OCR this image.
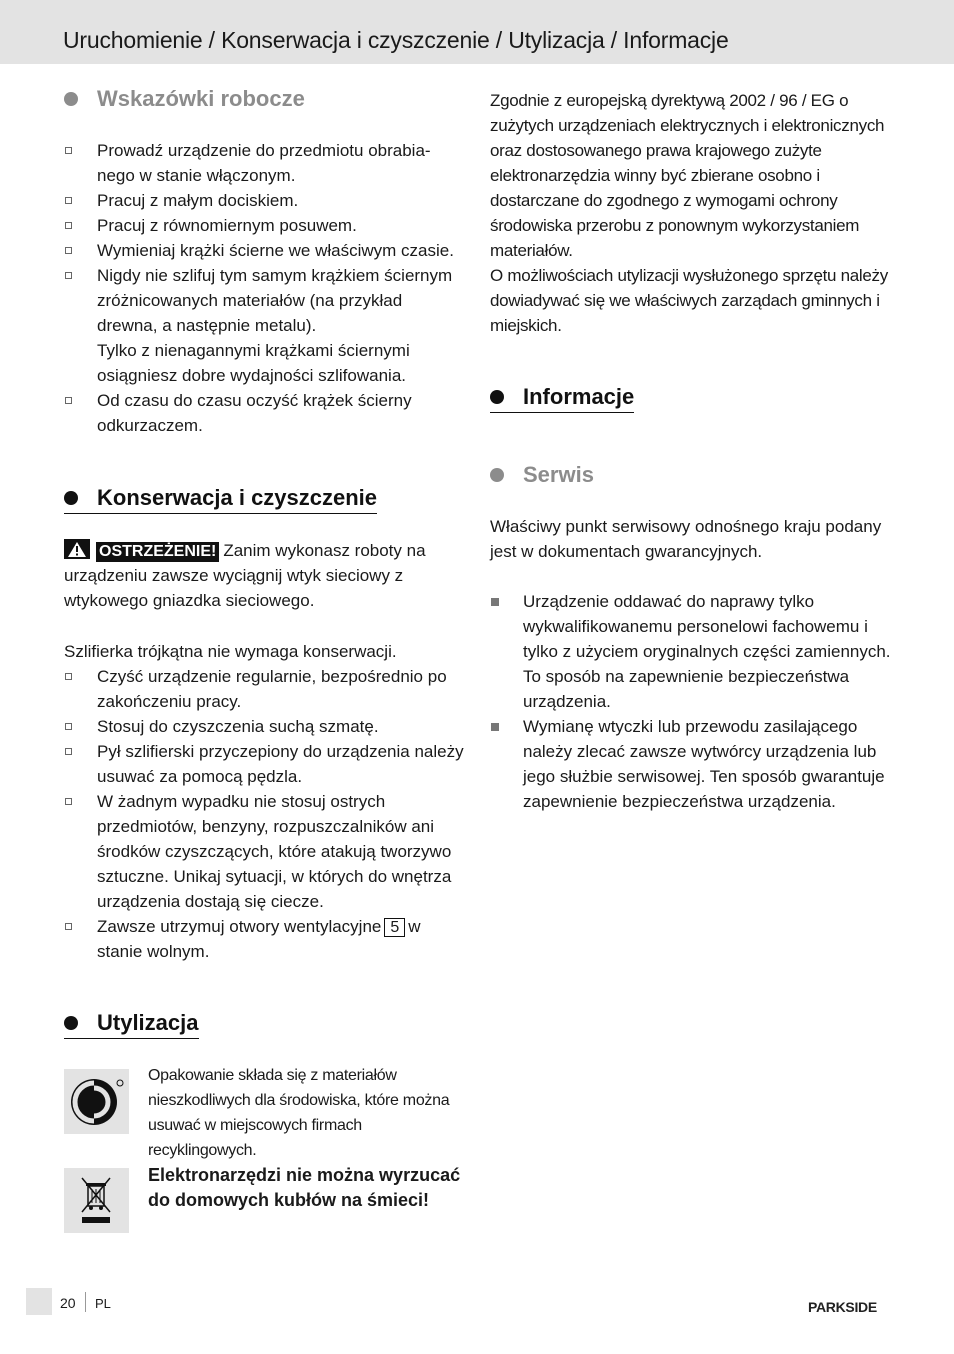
Uruchomienie / Konserwacja i czyszczenie / Utylizacja / Informacje
Wskazówki robocze
Prowadź urządzenie do przedmiotu obrabia-nego w stanie włączonym.
Pracuj z małym dociskiem.
Pracuj z równomiernym posuwem.
Wymieniaj krążki ścierne we właściwym czasie.
Nigdy nie szlifuj tym samym krążkiem ściernym zróżnicowanych materiałów (na przykład drewna, a następnie metalu).
Tylko z nienagannymi krążkami ściernymi osiągniesz dobre wydajności szlifowania.
Od czasu do czasu oczyść krążek ścierny odkurzaczem.
Konserwacja i czyszczenie
OSTRZEŻENIE! Zanim wykonasz roboty na urządzeniu zawsze wyciągnij wtyk sieciowy z wtykowego gniazdka sieciowego.
Szlifierka trójkątna nie wymaga konserwacji.
Czyść urządzenie regularnie, bezpośrednio po zakończeniu pracy.
Stosuj do czyszczenia suchą szmatę.
Pył szlifierski przyczepiony do urządzenia należy usuwać za pomocą pędzla.
W żadnym wypadku nie stosuj ostrych przedmiotów, benzyny, rozpuszczalników ani środków czyszczących, które atakują tworzywo sztuczne. Unikaj sytuacji, w których do wnętrza urządzenia dostają się ciecze.
Zawsze utrzymuj otwory wentylacyjne 5 w stanie wolnym.
Utylizacja
Opakowanie składa się z materiałów nieszkodliwych dla środowiska, które można usuwać w miejscowych firmach recyklingowych.
Elektronarzędzi nie można wyrzucać do domowych kubłów na śmieci!
Zgodnie z europejską dyrektywą 2002 / 96 / EG o zużytych urządzeniach elektrycznych i elektronicznych oraz dostosowanego prawa krajowego zużyte elektronarzędzia winny być zbierane osobno i dostarczane do zgodnego z wymogami ochrony środowiska przerobu z ponownym wykorzystaniem materiałów.
O możliwościach utylizacji wysłużonego sprzętu należy dowiadywać się we właściwych zarządach gminnych i miejskich.
Informacje
Serwis
Właściwy punkt serwisowy odnośnego kraju podany jest w dokumentach gwarancyjnych.
Urządzenie oddawać do naprawy tylko wykwalifikowanemu personelowi fachowemu i tylko z użyciem oryginalnych części zamiennych. To sposób na zapewnienie bezpieczeństwa urządzenia.
Wymianę wtyczki lub przewodu zasilającego należy zlecać zawsze wytwórcy urządzenia lub jego służbie serwisowej. Ten sposób gwarantuje zapewnienie bezpieczeństwa urządzenia.
20 PL	PARKSIDE
